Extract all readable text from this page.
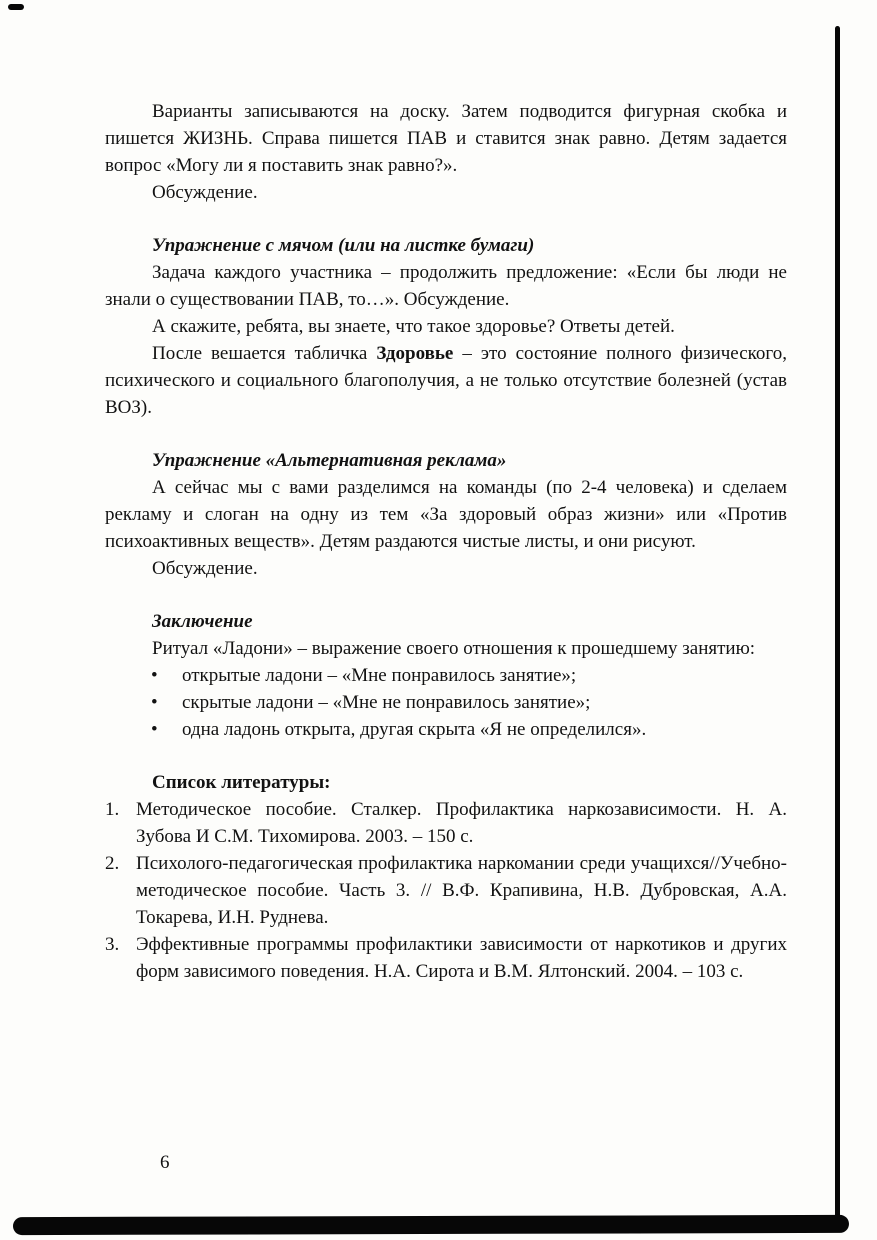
Варианты записываются на доску. Затем подводится фигурная скобка и пишется ЖИЗНЬ. Справа пишется ПАВ и ставится знак равно. Детям задается вопрос «Могу ли я поставить знак равно?».

Обсуждение.

Упражнение с мячом (или на листке бумаги)

Задача каждого участника – продолжить предложение: «Если бы люди не знали о существовании ПАВ, то…». Обсуждение.

А скажите, ребята, вы знаете, что такое здоровье? Ответы детей.

После вешается табличка Здоровье – это состояние полного физического, психического и социального благополучия, а не только отсутствие болезней (устав ВОЗ).

Упражнение «Альтернативная реклама»

А сейчас мы с вами разделимся на команды (по 2-4 человека) и сделаем рекламу и слоган на одну из тем «За здоровый образ жизни» или «Против психоактивных веществ». Детям раздаются чистые листы, и они рисуют.

Обсуждение.

Заключение

Ритуал «Ладони» – выражение своего отношения к прошедшему занятию:

• открытые ладони – «Мне понравилось занятие»;
• скрытые ладони – «Мне не понравилось занятие»;
• одна ладонь открыта, другая скрыта «Я не определился».

Список литературы:

Методическое пособие. Сталкер. Профилактика наркозависимости. Н. А. Зубова И С.М. Тихомирова. 2003. – 150 с.
Психолого-педагогическая профилактика наркомании среди учащихся//Учебно-методическое пособие. Часть 3. // В.Ф. Крапивина, Н.В. Дубровская, А.А. Токарева, И.Н. Руднева.
Эффективные программы профилактики зависимости от наркотиков и других форм зависимого поведения. Н.А. Сирота и В.М. Ялтонский. 2004. – 103 с.
6
